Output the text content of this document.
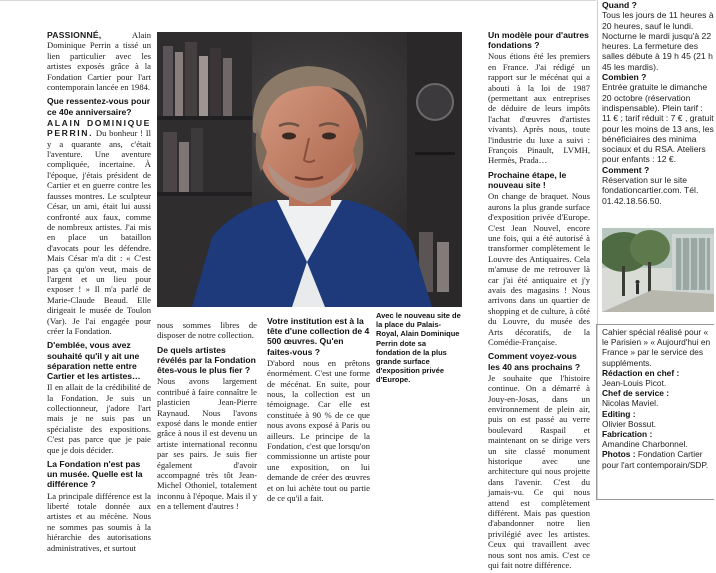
PASSIONNÉ,	Alain Dominique Perrin a tissé un lien particulier avec les artistes exposés grâce à la Fondation Cartier pour l'art contemporain lancée en 1984.

Que ressentez-vous pour ce 40e anniversaire?

ALAIN DOMINIQUE PERRIN. Du bonheur ! Il y a quarante ans, c'était l'aventure. Une aventure compliquée, incertaine. À l'époque, j'étais président de Cartier et en guerre contre les fausses montres. Le sculpteur César, un ami, était lui aussi confronté aux faux, comme de nombreux artistes. J'ai mis en place un bataillon d'avocats pour les défendre. Mais César m'a dit : « C'est pas ça qu'on veut, mais de l'argent et un lieu pour exposer ! » Il m'a parlé de Marie-Claude Beaud. Elle dirigeait le musée de Toulon (Var). Je l'ai engagée pour créer la Fondation.

D'emblée, vous avez souhaité qu'il y ait une séparation nette entre Cartier et les artistes…

Il en allait de la crédibilité de la Fondation. Je suis un collectionneur, j'adore l'art mais je ne suis pas un spécialiste des expositions. C'est pas parce que je paie que je dois décider.

La Fondation n'est pas un musée. Quelle est la différence ?

La principale différence est la liberté totale donnée aux artistes et au mécène. Nous ne sommes pas soumis à la hiérarchie des autorisations administratives, et surtout

nous sommes libres de disposer de notre collection.

De quels artistes révélés par la Fondation êtes-vous le plus fier ?

Nous avons largement contribué à faire connaître le plasticien Jean-Pierre Raynaud. Nous l'avons exposé dans le monde entier grâce à nous il est devenu un artiste international reconnu par ses pairs. Je suis fier également d'avoir accompagné très tôt Jean-Michel Othoniel, totalement inconnu à l'époque. Mais il y en a tellement d'autres !

Votre institution est à la tête d'une collection de 4 500 œuvres. Qu'en faites-vous ?

D'abord nous en prêtons énormément. C'est une forme de mécénat. En suite, pour nous, la collection est un témoignage. Car elle est constituée à 90 % de ce que nous avons exposé à Paris ou ailleurs. Le principe de la Fondation, c'est que lorsqu'on commissionne un artiste pour une exposition, on lui demande de créer des œuvres et on lui achète tout ou partie de ce qu'il a fait.

Avec le nouveau site de la place du Palais-Royal, Alain Dominique Perrin dote sa fondation de la plus grande surface d'exposition privée d'Europe.
Un modèle pour d'autres fondations ?

Nous étions été les premiers en France. J'ai rédigé un rapport sur le mécénat qui a abouti à la loi de 1987 (permettant aux entreprises de déduire de leurs impôts l'achat d'œuvres d'artistes vivants). Après nous, toute l'industrie du luxe a suivi : François Pinault, LVMH, Hermès, Prada…

Prochaine étape, le nouveau site !

On change de braquet. Nous aurons la plus grande surface d'exposition privée d'Europe. C'est Jean Nouvel, encore une fois, qui a été autorisé à transformer complètement le Louvre des Antiquaires. Cela m'amuse de me retrouver là car j'ai été antiquaire et j'y avais des magasins ! Nous arrivons dans un quartier de shopping et de culture, à côté du Louvre, du musée des Arts décoratifs, de la Comédie-Française.

Comment voyez-vous les 40 ans prochains ?

Je souhaite que l'histoire continue. On a démarré à Jouy-en-Josas, dans un environnement de plein air, puis on est passé au verre boulevard Raspail et maintenant on se dirige vers un site classé monument historique avec une architecture qui nous projette dans l'avenir. C'est du jamais-vu. Ce qui nous attend est complètement différent. Mais pas question d'abandonner notre lien privilégié avec les artistes. Ceux qui travaillent avec nous sont nos amis. C'est ce qui fait notre différence.

Quand ?
Tous les jours de 11 heures à 20 heures, sauf le lundi. Nocturne le mardi jusqu'à 22 heures. La fermeture des salles débute à 19 h 45 (21 h 45 les mardis).
Combien ?
Entrée gratuite le dimanche 20 octobre (réservation indispensable). Plein tarif : 11 € ; tarif réduit : 7 € , gratuit pour les moins de 13 ans, les bénéficiaires des minima sociaux et du RSA. Ateliers pour enfants : 12 €.
Comment ?
Réservation sur le site fondationcartier.com. Tél. 01.42.18.56.50.
Cahier spécial réalisé pour « le Parisien » « Aujourd'hui en France » par le service des suppléments.
Rédaction en chef :
Jean-Louis Picot.
Chef de service :
Nicolas Maviel.
Editing :
Olivier Bossut.
Fabrication :
Amandine Charbonnel.
Photos : Fondation Cartier pour l'art contemporain/SDP.
